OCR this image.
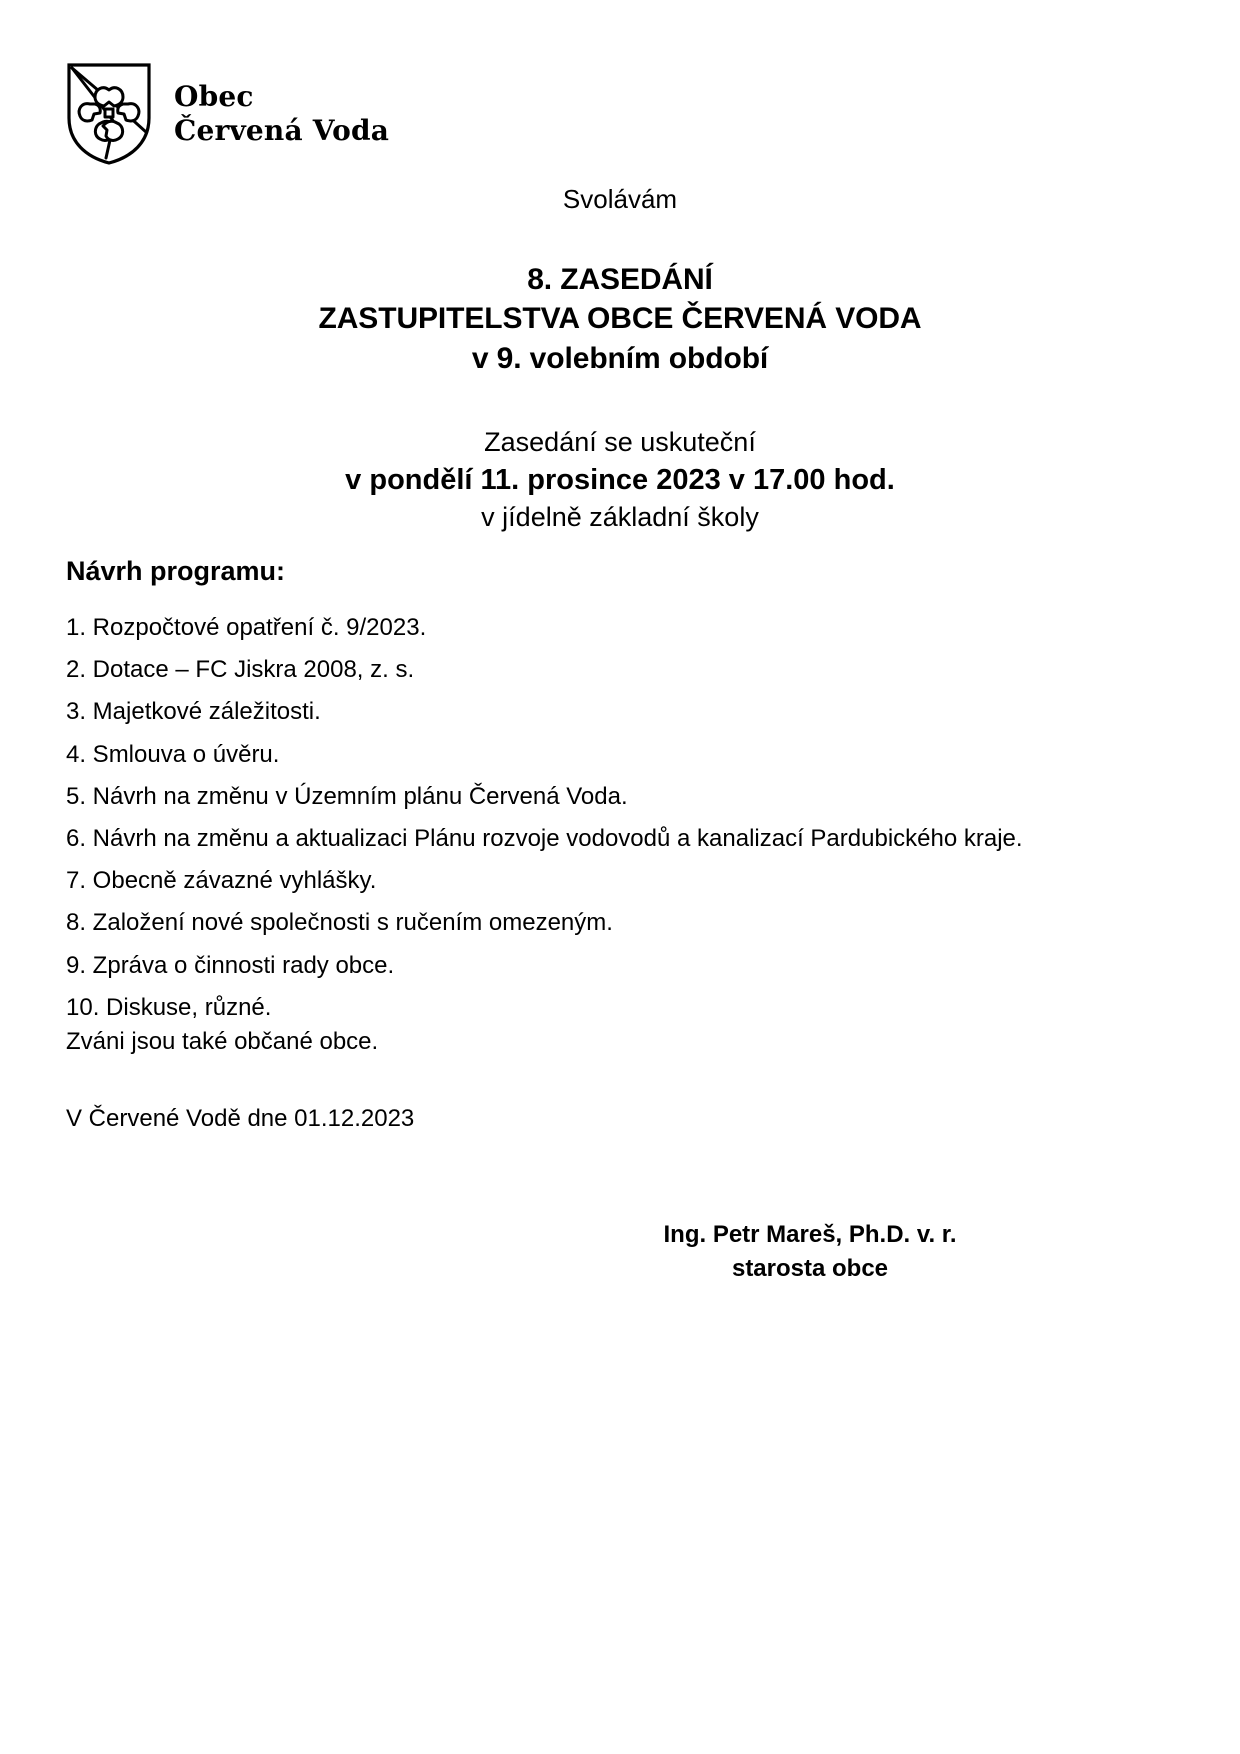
Obec
Červená Voda

Svolávám

8. ZASEDÁNÍ
ZASTUPITELSTVA OBCE ČERVENÁ VODA
v 9. volebním období

Zasedání se uskuteční
v pondělí 11. prosince 2023 v 17.00 hod.
v jídelně základní školy

Návrh programu:
1. Rozpočtové opatření č. 9/2023.
2. Dotace – FC Jiskra 2008, z. s.
3. Majetkové záležitosti.
4. Smlouva o úvěru.
5. Návrh na změnu v Územním plánu Červená Voda.
6. Návrh na změnu a aktualizaci Plánu rozvoje vodovodů a kanalizací Pardubického kraje.
7. Obecně závazné vyhlášky.
8. Založení nové společnosti s ručením omezeným.
9. Zpráva o činnosti rady obce.
10. Diskuse, různé.
Zváni jsou také občané obce.
V Červené Vodě dne 01.12.2023
Ing. Petr Mareš, Ph.D. v. r.
starosta obce
